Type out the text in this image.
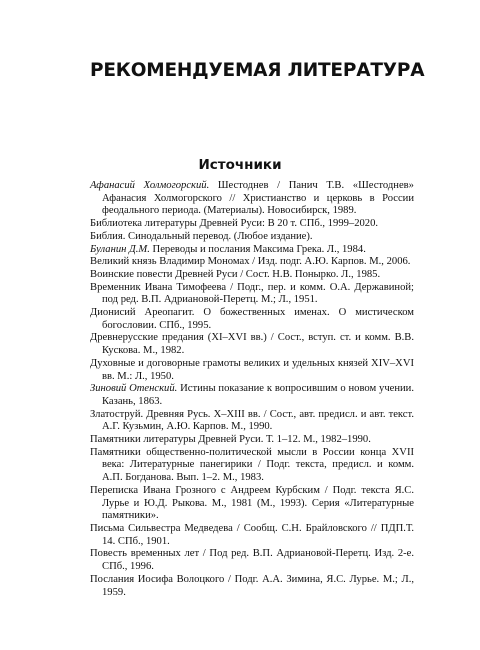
РЕКОМЕНДУЕМАЯ ЛИТЕРАТУРА
Источники
Афанасий Холмогорский. Шестоднев / Панич Т.В. «Шестоднев» Афанасия Холмогорского // Христианство и церковь в России феодального периода. (Материалы). Новосибирск, 1989.
Библиотека литературы Древней Руси: В 20 т. СПб., 1999–2020.
Библия. Синодальный перевод. (Любое издание).
Буланин Д.М. Переводы и послания Максима Грека. Л., 1984.
Великий князь Владимир Мономах / Изд. подг. А.Ю. Карпов. М., 2006.
Воинские повести Древней Руси / Сост. Н.В. Понырко. Л., 1985.
Временник Ивана Тимофеева / Подг., пер. и комм. О.А. Державиной; под ред. В.П. Адриановой-Перетц. М.; Л., 1951.
Дионисий Ареопагит. О божественных именах. О мистическом богословии. СПб., 1995.
Древнерусские предания (XI–XVI вв.) / Сост., вступ. ст. и комм. В.В. Кускова. М., 1982.
Духовные и договорные грамоты великих и удельных князей XIV–XVI вв. М.: Л., 1950.
Зиновий Отенский. Истины показание к вопросившим о новом учении. Казань, 1863.
Златоструй. Древняя Русь. X–XIII вв. / Сост., авт. предисл. и авт. текст. А.Г. Кузьмин, А.Ю. Карпов. М., 1990.
Памятники литературы Древней Руси. Т. 1–12. М., 1982–1990.
Памятники общественно-политической мысли в России конца XVII века: Литературные панегирики / Подг. текста, предисл. и комм. А.П. Богданова. Вып. 1–2. М., 1983.
Переписка Ивана Грозного с Андреем Курбским / Подг. текста Я.С. Лурье и Ю.Д. Рыкова. М., 1981 (М., 1993). Серия «Литературные памятники».
Письма Сильвестра Медведева / Сообщ. С.Н. Брайловского // ПДП.Т. 14. СПб., 1901.
Повесть временных лет / Под ред. В.П. Адриановой-Перетц. Изд. 2-е. СПб., 1996.
Послания Иосифа Волоцкого / Подг. А.А. Зимина, Я.С. Лурье. М.; Л., 1959.
